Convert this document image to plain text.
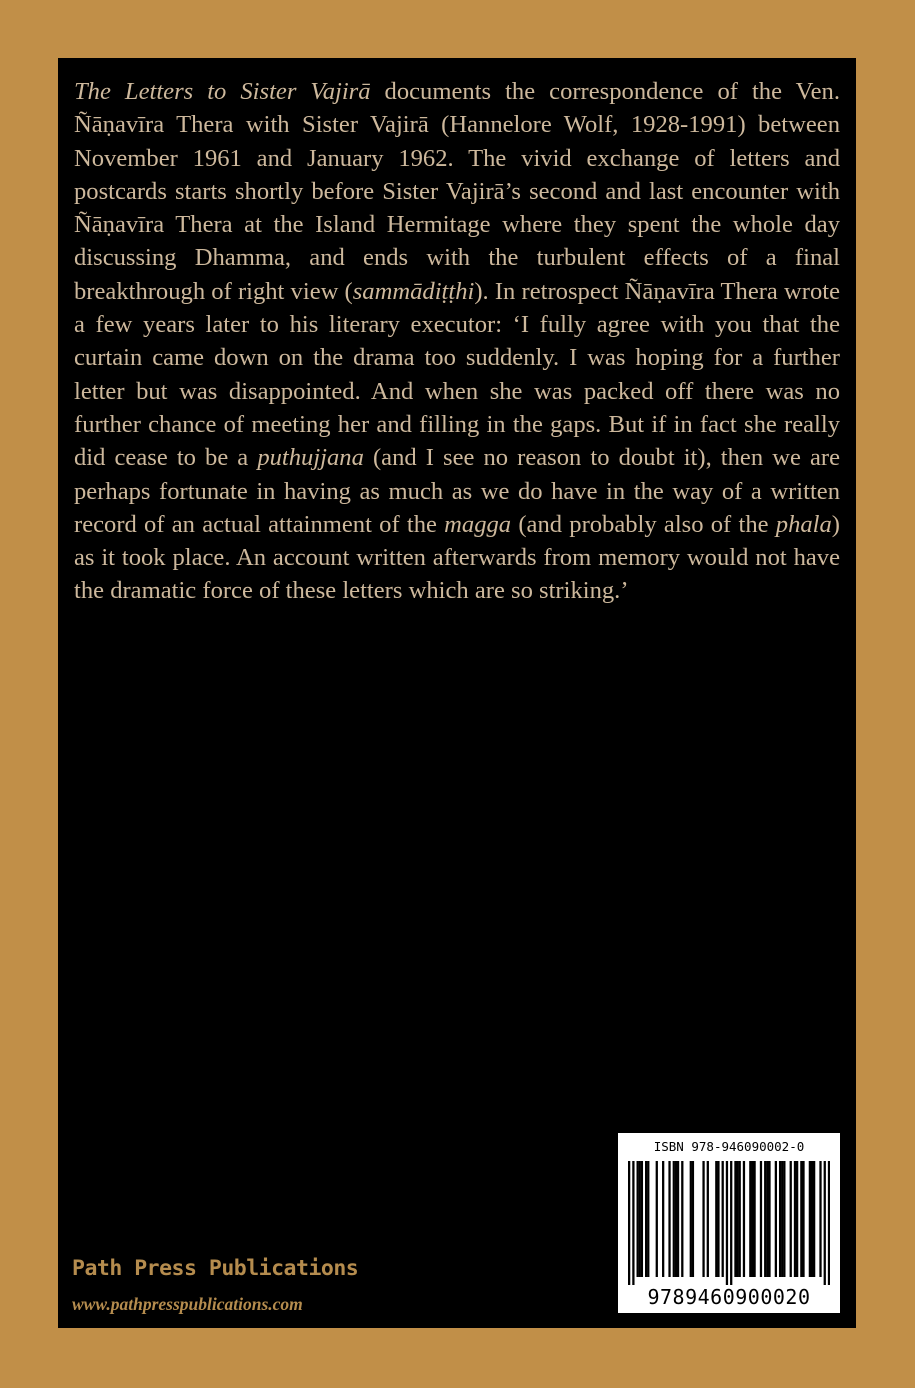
The Letters to Sister Vajirā documents the correspondence of the Ven. Ñāṇavīra Thera with Sister Vajirā (Hannelore Wolf, 1928-1991) between November 1961 and January 1962. The vivid exchange of letters and postcards starts shortly before Sister Vajirā’s second and last encounter with Ñāṇavīra Thera at the Island Hermitage where they spent the whole day discussing Dhamma, and ends with the turbulent effects of a final breakthrough of right view (sammādiṭṭhi). In retrospect Ñāṇavīra Thera wrote a few years later to his literary executor: ‘I fully agree with you that the curtain came down on the drama too suddenly. I was hoping for a further letter but was disappointed. And when she was packed off there was no further chance of meeting her and filling in the gaps. But if in fact she really did cease to be a puthujjana (and I see no reason to doubt it), then we are perhaps fortunate in having as much as we do have in the way of a written record of an actual attainment of the magga (and probably also of the phala) as it took place. An account written afterwards from memory would not have the dramatic force of these letters which are so striking.’

Path Press Publications
www.pathpresspublications.com
ISBN 978-946090002-0
9789460900020
